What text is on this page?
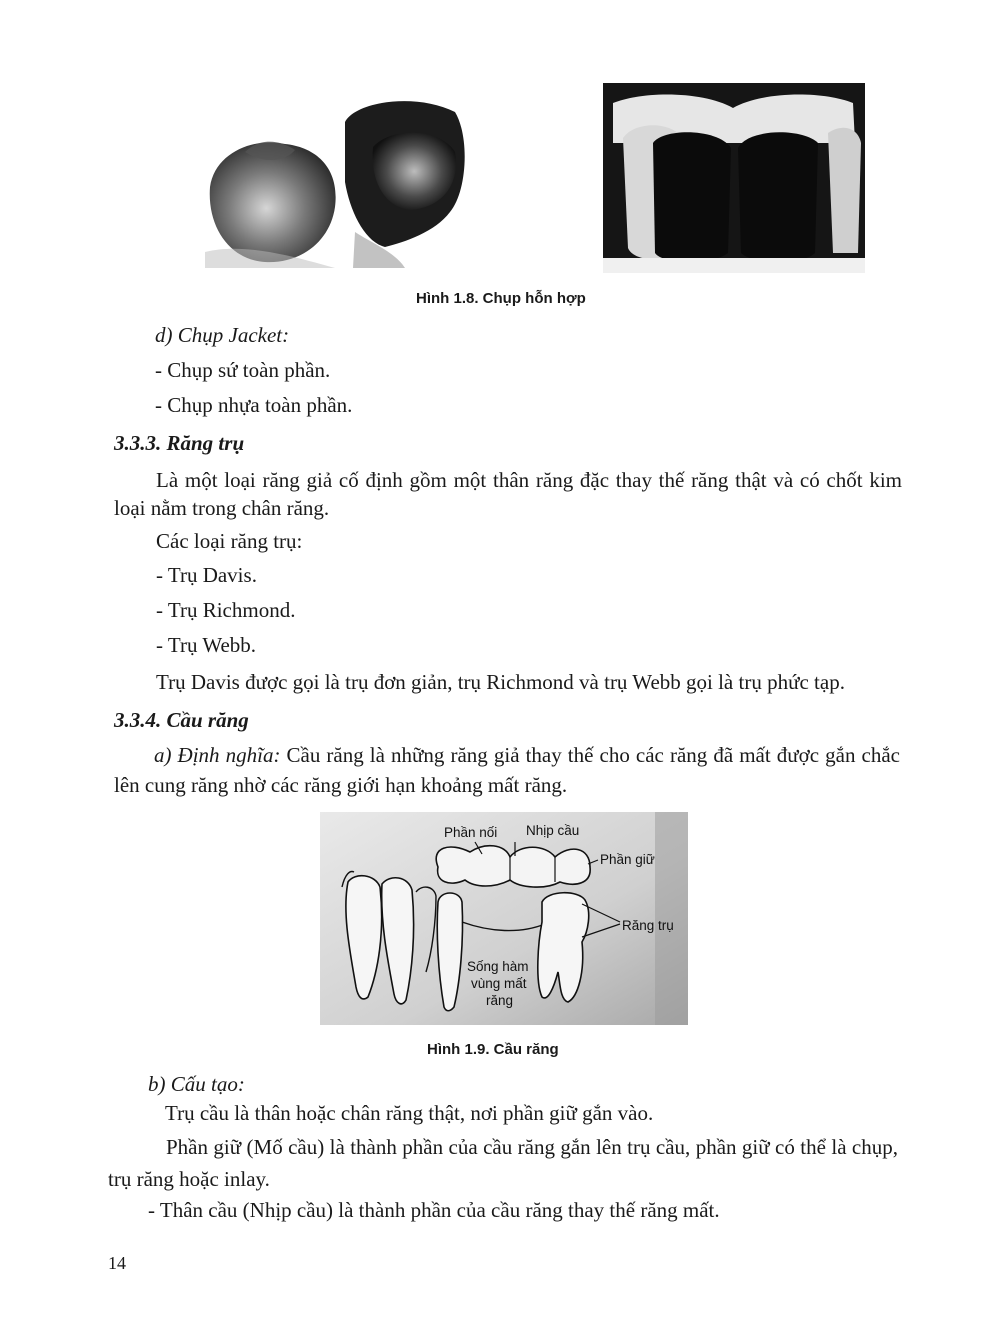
Hình 1.8. Chụp hỗn hợp
d) Chụp Jacket:
- Chụp sứ toàn phần.
- Chụp nhựa toàn phần.
3.3.3. Răng trụ
Là một loại răng giả cố định gồm một thân răng đặc thay thế răng thật và có chốt kim loại nằm trong chân răng.
Các loại răng trụ:
- Trụ Davis.
- Trụ Richmond.
- Trụ Webb.
Trụ Davis được gọi là trụ đơn giản, trụ Richmond và trụ Webb gọi là trụ phức tạp.
3.3.4. Cầu răng
a) Định nghĩa: Cầu răng là những răng giả thay thế cho các răng đã mất được gắn chắc lên cung răng nhờ các răng giới hạn khoảng mất răng.
Phần nối Nhịp cầu
Phần giữ
Răng trụ
Sống hàm
vùng mất
răng
Hình 1.9. Cầu răng
b) Cấu tạo:
Trụ cầu là thân hoặc chân răng thật, nơi phần giữ gắn vào.
Phần giữ (Mố cầu) là thành phần của cầu răng gắn lên trụ cầu, phần giữ có thể là chụp, trụ răng hoặc inlay.
- Thân cầu (Nhịp cầu) là thành phần của cầu răng thay thế răng mất.
14
